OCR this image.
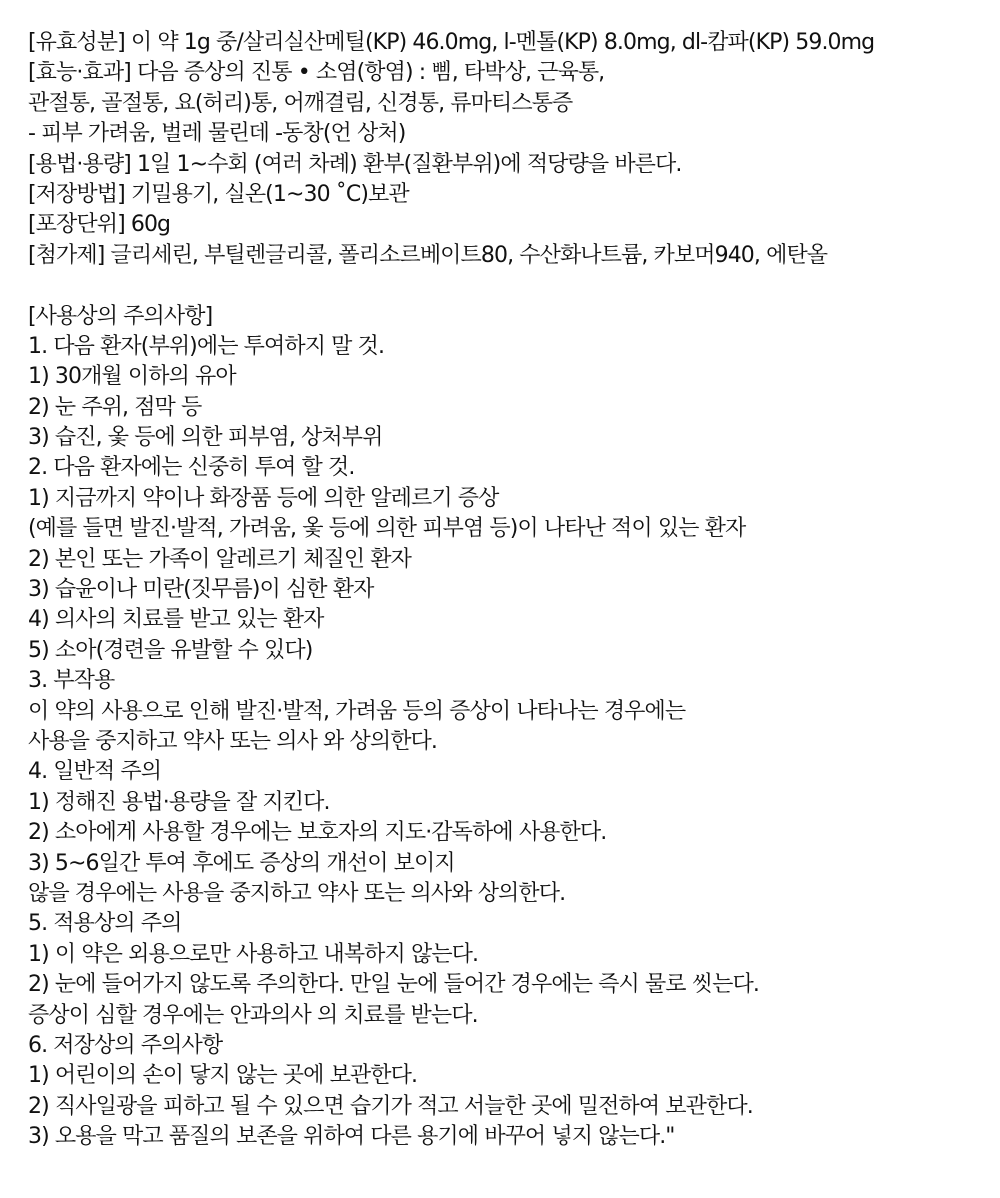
[유효성분] 이 약 1g 중/살리실산메틸(KP) 46.0mg, l-멘톨(KP) 8.0mg, dl-캄파(KP) 59.0mg
[효능·효과] 다음 증상의 진통 • 소염(항염) : 삠, 타박상, 근육통,
관절통, 골절통, 요(허리)통, 어깨결림, 신경통, 류마티스통증
- 피부 가려움, 벌레 물린데 -동창(언 상처)
[용법·용량] 1일 1~수회 (여러 차례) 환부(질환부위)에 적당량을 바른다.
[저장방법] 기밀용기, 실온(1~30 ˚C)보관
[포장단위] 60g
[첨가제] 글리세린, 부틸렌글리콜, 폴리소르베이트80, 수산화나트륨, 카보머940, 에탄올
[사용상의 주의사항]
1. 다음 환자(부위)에는 투여하지 말 것.
1) 30개월 이하의 유아
2) 눈 주위, 점막 등
3) 습진, 옻 등에 의한 피부염, 상처부위
2. 다음 환자에는 신중히 투여 할 것.
1) 지금까지 약이나 화장품 등에 의한 알레르기 증상
(예를 들면 발진·발적, 가려움, 옻 등에 의한 피부염 등)이 나타난 적이 있는 환자
2) 본인 또는 가족이 알레르기 체질인 환자
3) 습윤이나 미란(짓무름)이 심한 환자
4) 의사의 치료를 받고 있는 환자
5) 소아(경련을 유발할 수 있다)
3. 부작용
이 약의 사용으로 인해 발진·발적, 가려움 등의 증상이 나타나는 경우에는
사용을 중지하고 약사 또는 의사 와 상의한다.
4. 일반적 주의
1) 정해진 용법·용량을 잘 지킨다.
2) 소아에게 사용할 경우에는 보호자의 지도·감독하에 사용한다.
3) 5~6일간 투여 후에도 증상의 개선이 보이지
않을 경우에는 사용을 중지하고 약사 또는 의사와 상의한다.
5. 적용상의 주의
1) 이 약은 외용으로만 사용하고 내복하지 않는다.
2) 눈에 들어가지 않도록 주의한다. 만일 눈에 들어간 경우에는 즉시 물로 씻는다.
증상이 심할 경우에는 안과의사 의 치료를 받는다.
6. 저장상의 주의사항
1) 어린이의 손이 닿지 않는 곳에 보관한다.
2) 직사일광을 피하고 될 수 있으면 습기가 적고 서늘한 곳에 밀전하여 보관한다.
3) 오용을 막고 품질의 보존을 위하여 다른 용기에 바꾸어 넣지 않는다."
